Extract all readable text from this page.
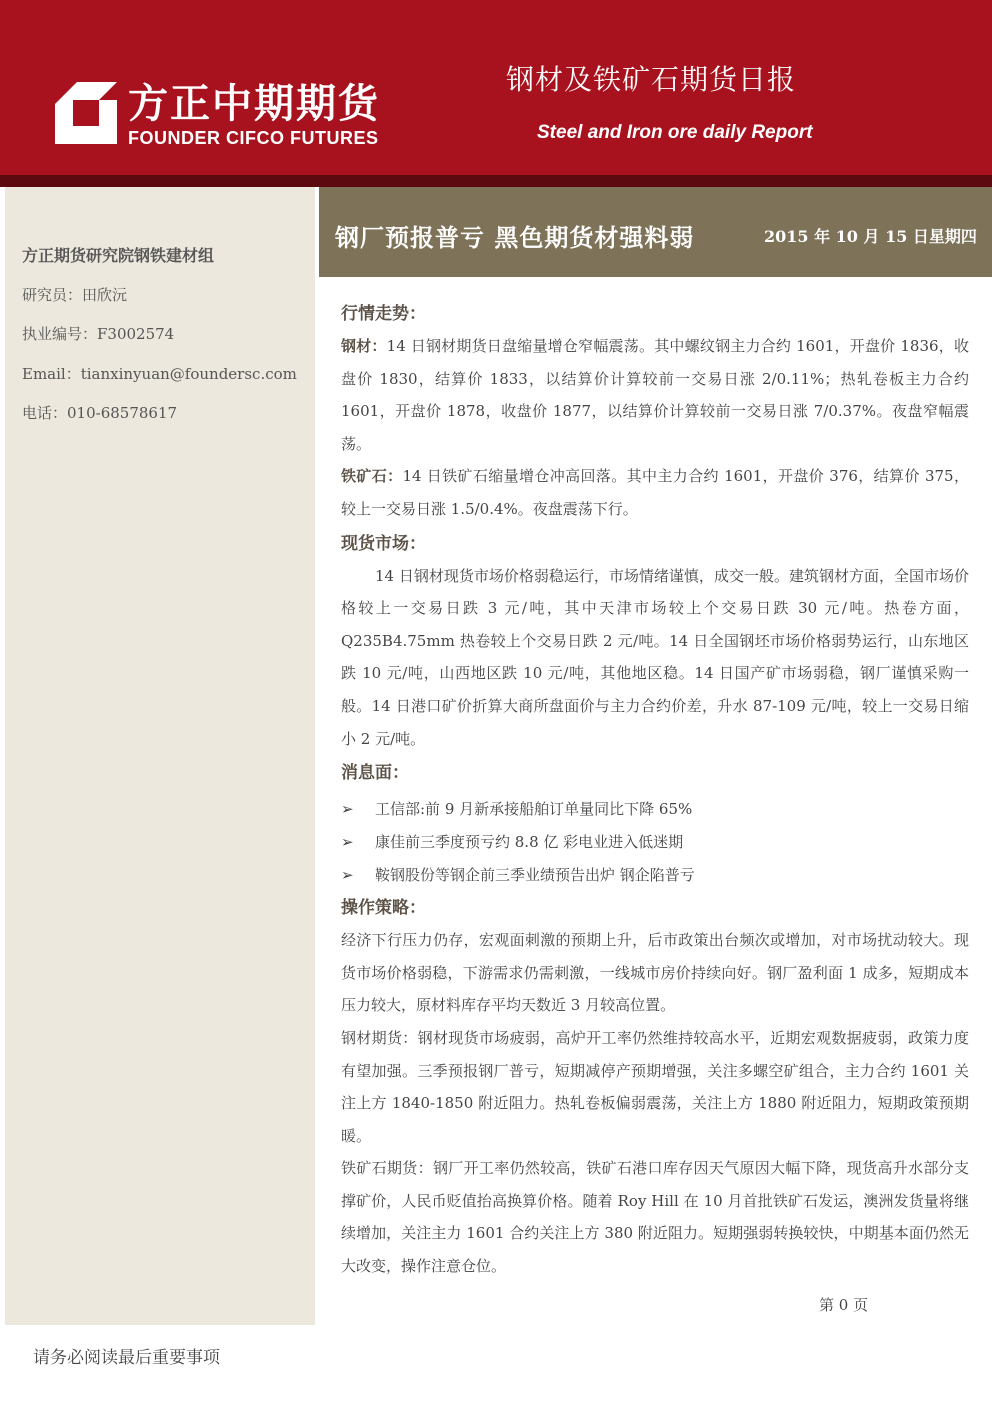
方正中期期货
FOUNDER CIFCO FUTURES
钢材及铁矿石期货日报
Steel and Iron ore daily Report
方正期货研究院钢铁建材组
研究员：田欣沅
执业编号：F3002574
Email：tianxinyuan@foundersc.com
电话：010-68578617
钢厂预报普亏 黑色期货材强料弱	2015 年 10 月 15 日星期四
行情走势：

钢材：14 日钢材期货日盘缩量增仓窄幅震荡。其中螺纹钢主力合约 1601，开盘价 1836，收盘价 1830，结算价 1833，以结算价计算较前一交易日涨 2/0.11%；热轧卷板主力合约 1601，开盘价 1878，收盘价 1877，以结算价计算较前一交易日涨 7/0.37%。夜盘窄幅震荡。

铁矿石：14 日铁矿石缩量增仓冲高回落。其中主力合约 1601，开盘价 376，结算价 375，较上一交易日涨 1.5/0.4%。夜盘震荡下行。

现货市场：

14 日钢材现货市场价格弱稳运行，市场情绪谨慎，成交一般。建筑钢材方面，全国市场价格较上一交易日跌 3 元/吨，其中天津市场较上个交易日跌 30 元/吨。热卷方面，Q235B4.75mm 热卷较上个交易日跌 2 元/吨。14 日全国钢坯市场价格弱势运行，山东地区跌 10 元/吨，山西地区跌 10 元/吨，其他地区稳。14 日国产矿市场弱稳，钢厂谨慎采购一般。14 日港口矿价折算大商所盘面价与主力合约价差，升水 87-109 元/吨，较上一交易日缩小 2 元/吨。

消息面：
➢ 工信部:前 9 月新承接船舶订单量同比下降 65%
➢ 康佳前三季度预亏约 8.8 亿 彩电业进入低迷期
➢ 鞍钢股份等钢企前三季业绩预告出炉 钢企陷普亏
操作策略：

经济下行压力仍存，宏观面刺激的预期上升，后市政策出台频次或增加，对市场扰动较大。现货市场价格弱稳，下游需求仍需刺激，一线城市房价持续向好。钢厂盈利面 1 成多，短期成本压力较大，原材料库存平均天数近 3 月较高位置。

钢材期货：钢材现货市场疲弱，高炉开工率仍然维持较高水平，近期宏观数据疲弱，政策力度有望加强。三季预报钢厂普亏，短期减停产预期增强，关注多螺空矿组合，主力合约 1601 关注上方 1840-1850 附近阻力。热轧卷板偏弱震荡，关注上方 1880 附近阻力，短期政策预期暖。

铁矿石期货：钢厂开工率仍然较高，铁矿石港口库存因天气原因大幅下降，现货高升水部分支撑矿价，人民币贬值抬高换算价格。随着 Roy Hill 在 10 月首批铁矿石发运，澳洲发货量将继续增加，关注主力 1601 合约关注上方 380 附近阻力。短期强弱转换较快，中期基本面仍然无大改变，操作注意仓位。

第 0 页
请务必阅读最后重要事项
